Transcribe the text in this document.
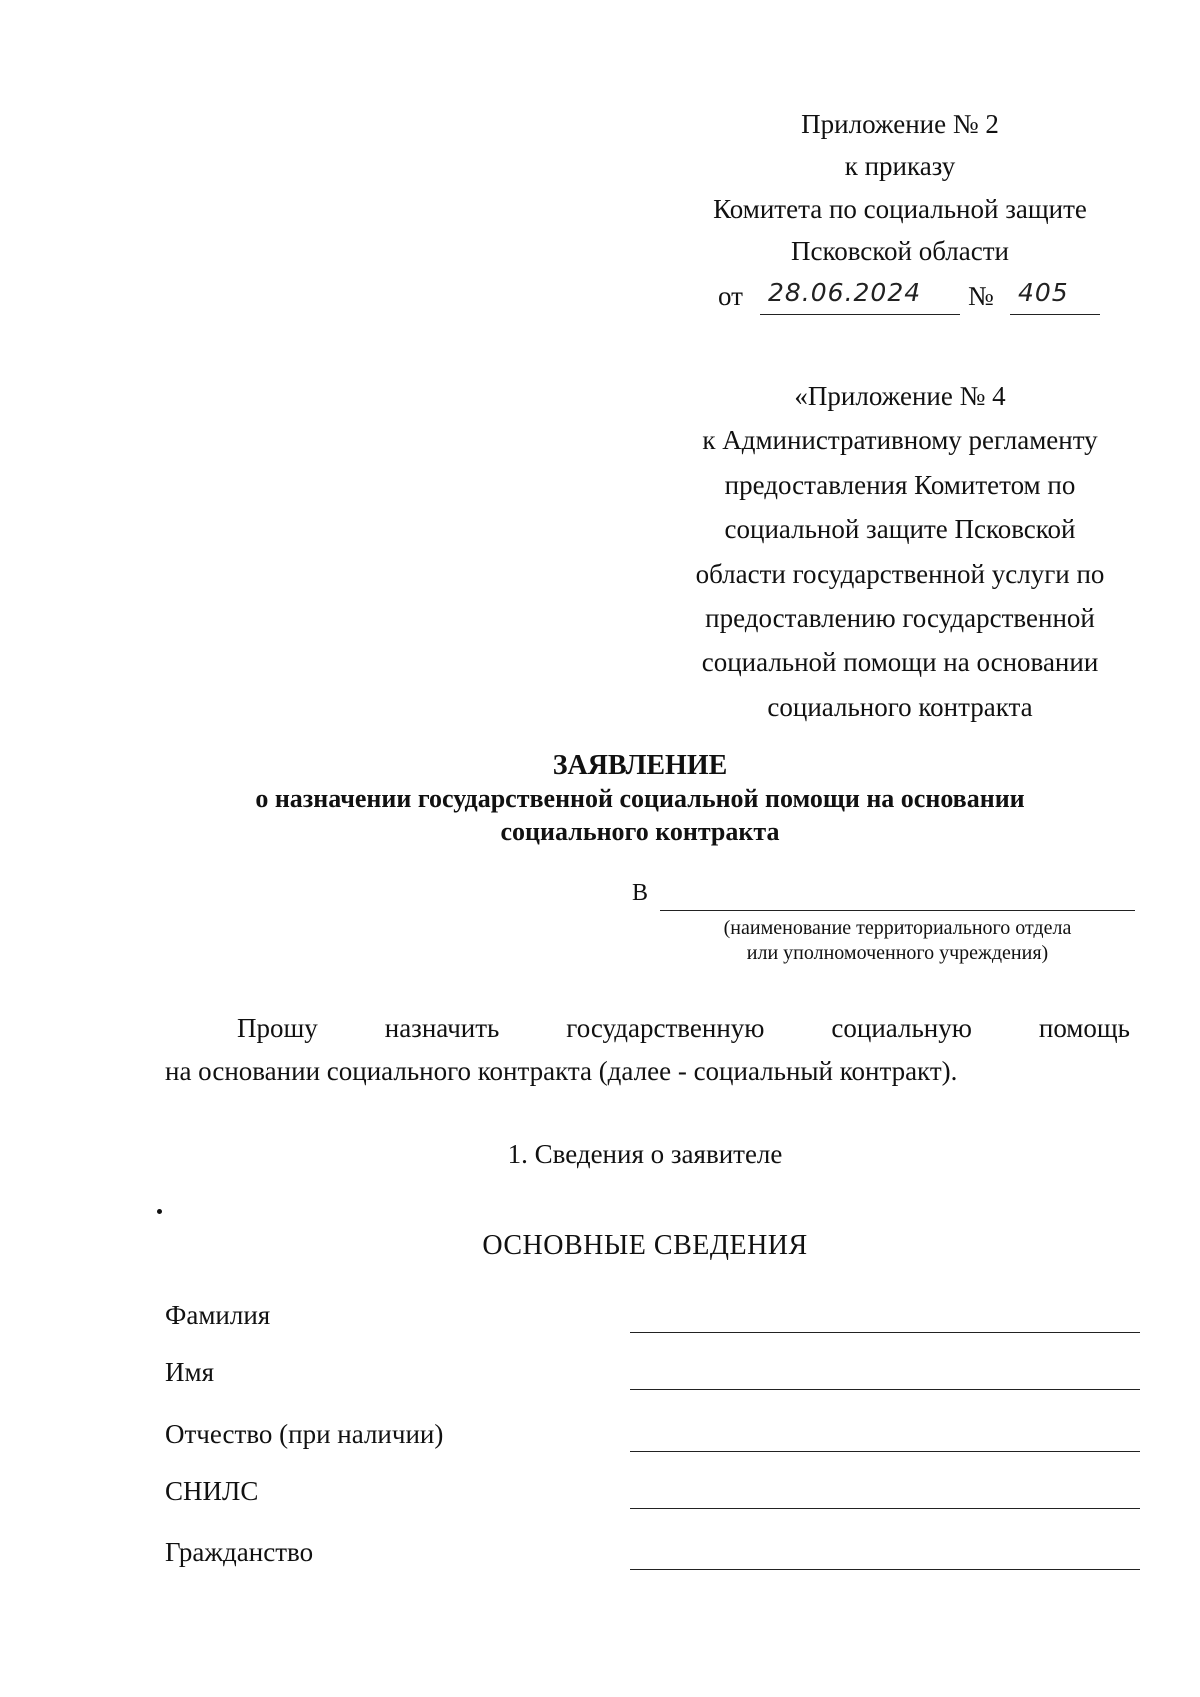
Приложение № 2
к приказу
Комитета по социальной защите
Псковской области
от 28.06.2024 № 405
«Приложение № 4
к Административному регламенту
предоставления Комитетом по
социальной защите Псковской
области государственной услуги по
предоставлению государственной
социальной помощи на основании
социального контракта
ЗАЯВЛЕНИЕ
о назначении государственной социальной помощи на основании
социального контракта
В
(наименование территориального отдела
или уполномоченного учреждения)
Прошу назначить государственную социальную помощь
на основании социального контракта (далее - социальный контракт).
1. Сведения о заявителе
ОСНОВНЫЕ СВЕДЕНИЯ
Фамилия
Имя
Отчество (при наличии)
СНИЛС
Гражданство
